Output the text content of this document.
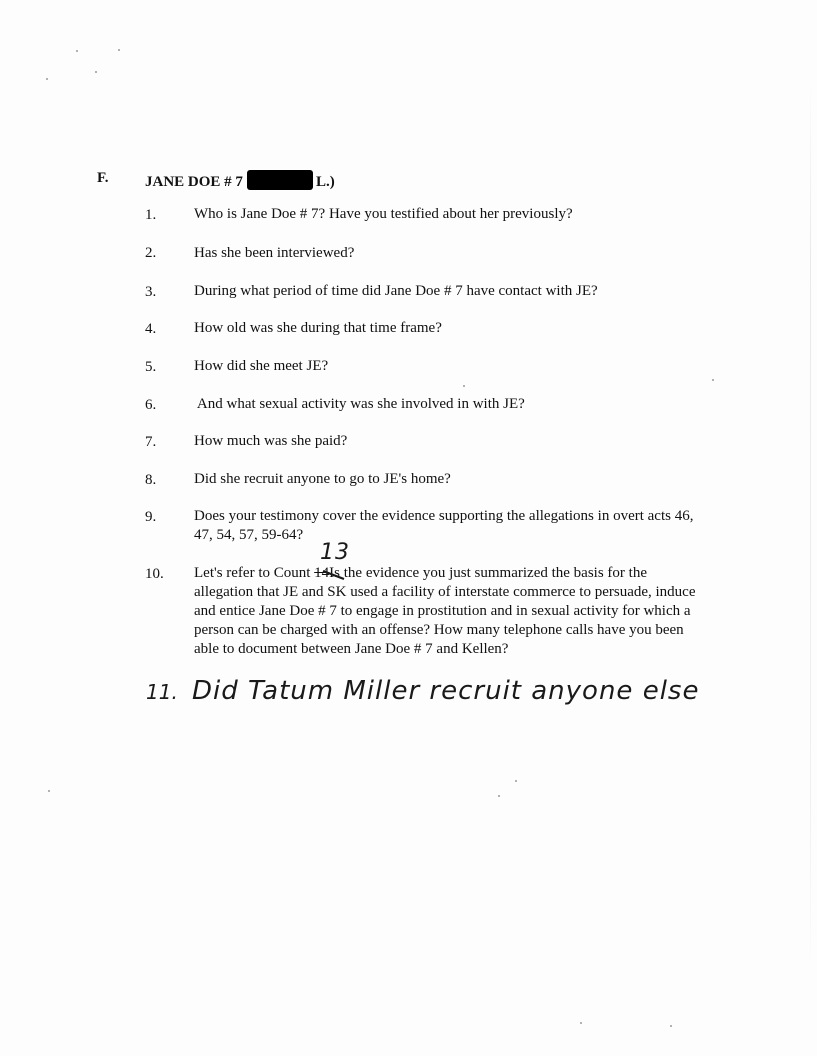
F. JANE DOE # 7	L.)
1.	Who is Jane Doe # 7? Have you testified about her previously?
2.	Has she been interviewed?
3.	During what period of time did Jane Doe # 7 have contact with JE?
4.	How old was she during that time frame?
5.	How did she meet JE?
6.	And what sexual activity was she involved in with JE?
7.	How much was she paid?
8.	Did she recruit anyone to go to JE's home?
9.	Does your testimony cover the evidence supporting the allegations in overt acts 46, 47, 54, 57, 59-64?
10. Let's refer to Count 14Is the evidence you just summarized the basis for the allegation that JE and SK used a facility of interstate commerce to persuade, induce and entice Jane Doe # 7 to engage in prostitution and in sexual activity for which a person can be charged with an offense? How many telephone calls have you been able to document between Jane Doe # 7 and Kellen?
13
11. Did Tatum Miller recruit anyone else
